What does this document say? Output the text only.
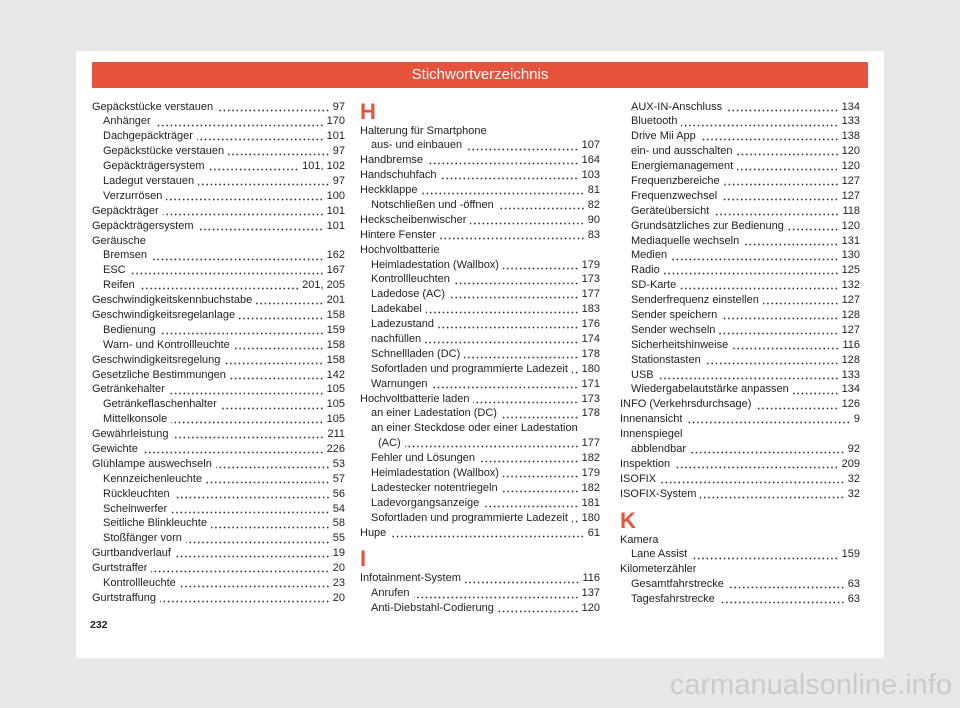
Stichwortverzeichnis
Gepäckstücke verstauen	97
Anhänger	170
Dachgepäckträger	101
Gepäckstücke verstauen	97
Gepäckträgersystem	101, 102
Ladegut verstauen	97
Verzurrösen	100
Gepäckträger	101
Gepäckträgersystem	101
Geräusche
Bremsen	162
ESC	167
Reifen	201, 205
Geschwindigkeitskennbuchstabe	201
Geschwindigkeitsregelanlage	158
Bedienung	159
Warn- und Kontrollleuchte	158
Geschwindigkeitsregelung	158
Gesetzliche Bestimmungen	142
Getränkehalter	105
Getränkeflaschenhalter	105
Mittelkonsole	105
Gewährleistung	211
Gewichte	226
Glühlampe auswechseln	53
Kennzeichenleuchte	57
Rückleuchten	56
Scheinwerfer	54
Seitliche Blinkleuchte	58
Stoßfänger vorn	55
Gurtbandverlauf	19
Gurtstraffer	20
Kontrollleuchte	23
Gurtstraffung	20
H
Halterung für Smartphone
aus- und einbauen	107
Handbremse	164
Handschuhfach	103
Heckklappe	81
Notschließen und -öffnen	82
Heckscheibenwischer	90
Hintere Fenster	83
Hochvoltbatterie
Heimladestation (Wallbox)	179
Kontrollleuchten	173
Ladedose (AC)	177
Ladekabel	183
Ladezustand	176
nachfüllen	174
Schnellladen (DC)	178
Sofortladen und programmierte Ladezeit 180
Warnungen	171
Hochvoltbatterie laden	173
an einer Ladestation (DC)	178
an einer Steckdose oder einer Ladestation
(AC)	177
Fehler und Lösungen	182
Heimladestation (Wallbox)	179
Ladestecker notentriegeln	182
Ladevorgangsanzeige	181
Sofortladen und programmierte Ladezeit 180
Hupe	61
I
Infotainment-System	116
Anrufen	137
Anti-Diebstahl-Codierung	120
AUX-IN-Anschluss	134
Bluetooth	133
Drive Mii App	138
ein- und ausschalten	120
Energiemanagement	120
Frequenzbereiche	127
Frequenzwechsel	127
Geräteübersicht	118
Grundsätzliches zur Bedienung	120
Mediaquelle wechseln	131
Medien	130
Radio	125
SD-Karte	132
Senderfrequenz einstellen	127
Sender speichern	128
Sender wechseln	127
Sicherheitshinweise	116
Stationstasten	128
USB	133
Wiedergabelautstärke anpassen	134
INFO (Verkehrsdurchsage)	126
Innenansicht	9
Innenspiegel
abblendbar	92
Inspektion	209
ISOFIX	32
ISOFIX-System	32
K
Kamera
Lane Assist	159
Kilometerzähler
Gesamtfahrstrecke	63
Tagesfahrstrecke	63
232
carmanualsonline.info
